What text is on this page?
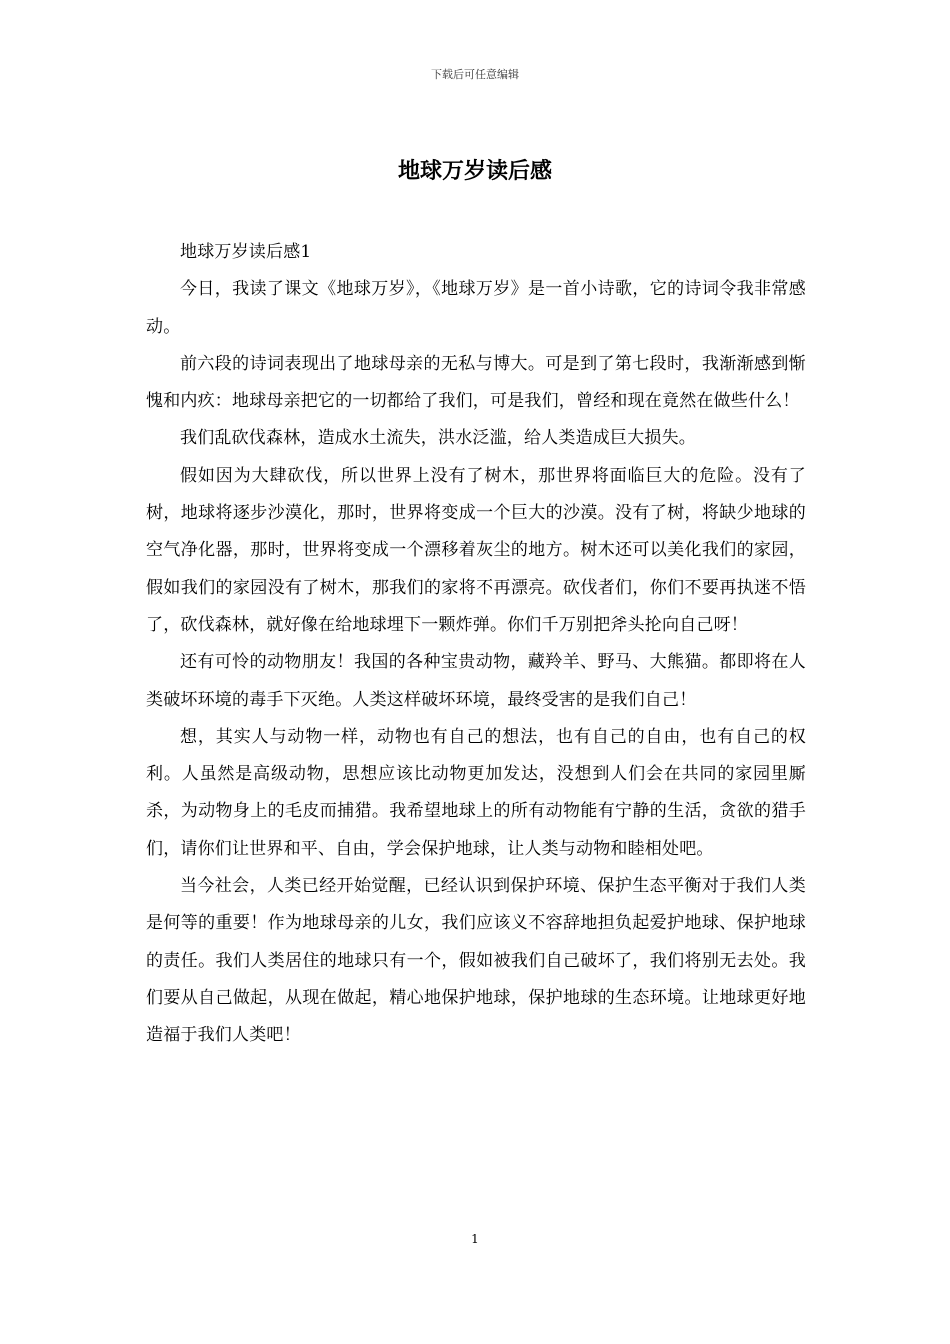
下载后可任意编辑
地球万岁读后感

地球万岁读后感1

今日，我读了课文《地球万岁》，《地球万岁》是一首小诗歌，它的诗词令我非常感动。

前六段的诗词表现出了地球母亲的无私与博大。可是到了第七段时，我渐渐感到惭愧和内疚：地球母亲把它的一切都给了我们，可是我们，曾经和现在竟然在做些什么！

我们乱砍伐森林，造成水土流失，洪水泛滥，给人类造成巨大损失。

假如因为大肆砍伐，所以世界上没有了树木，那世界将面临巨大的危险。没有了树，地球将逐步沙漠化，那时，世界将变成一个巨大的沙漠。没有了树，将缺少地球的空气净化器，那时，世界将变成一个漂移着灰尘的地方。树木还可以美化我们的家园，假如我们的家园没有了树木，那我们的家将不再漂亮。砍伐者们，你们不要再执迷不悟了，砍伐森林，就好像在给地球埋下一颗炸弹。你们千万别把斧头抡向自己呀！

还有可怜的动物朋友！我国的各种宝贵动物，藏羚羊、野马、大熊猫。都即将在人类破坏环境的毒手下灭绝。人类这样破坏环境，最终受害的是我们自己！

想，其实人与动物一样，动物也有自己的想法，也有自己的自由，也有自己的权利。人虽然是高级动物，思想应该比动物更加发达，没想到人们会在共同的家园里厮杀，为动物身上的毛皮而捕猎。我希望地球上的所有动物能有宁静的生活，贪欲的猎手们，请你们让世界和平、自由，学会保护地球，让人类与动物和睦相处吧。

当今社会，人类已经开始觉醒，已经认识到保护环境、保护生态平衡对于我们人类是何等的重要！作为地球母亲的儿女，我们应该义不容辞地担负起爱护地球、保护地球的责任。我们人类居住的地球只有一个，假如被我们自己破坏了，我们将别无去处。我们要从自己做起，从现在做起，精心地保护地球，保护地球的生态环境。让地球更好地造福于我们人类吧！

1
